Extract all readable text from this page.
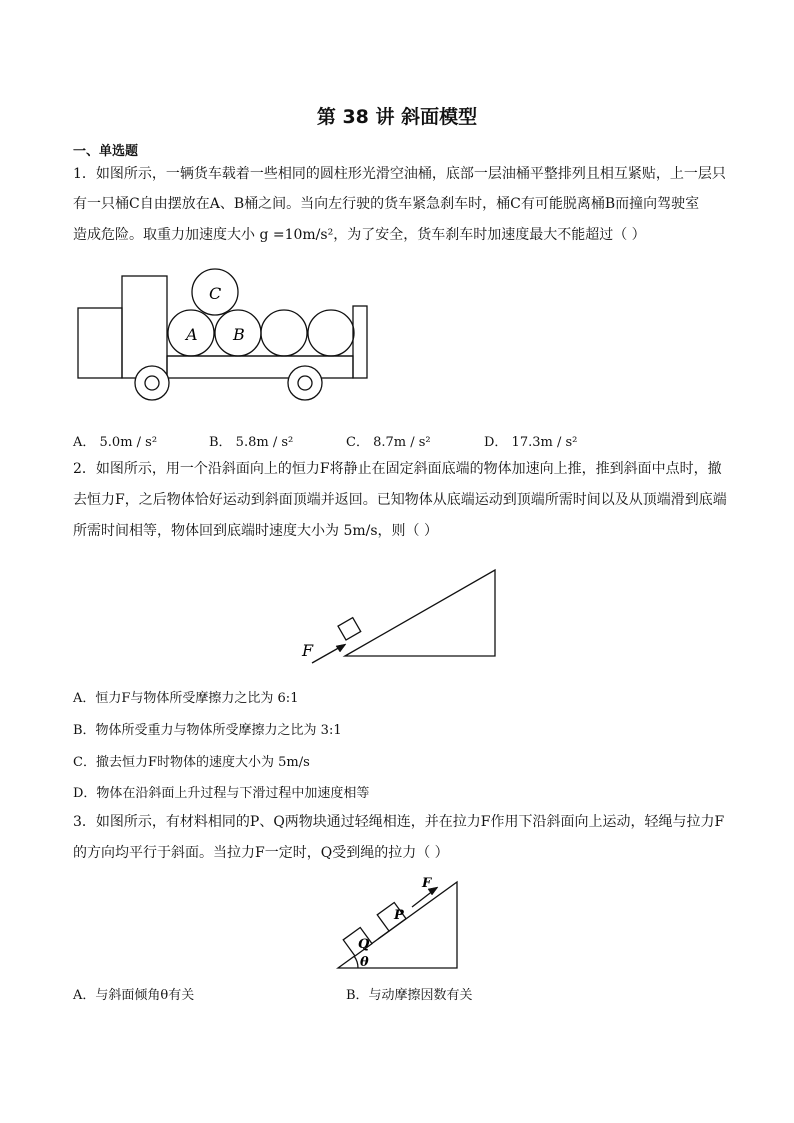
第 38 讲 斜面模型
一、单选题
1．如图所示，一辆货车载着一些相同的圆柱形光滑空油桶，底部一层油桶平整排列且相互紧贴，上一层只
有一只桶C自由摆放在A、B桶之间。当向左行驶的货车紧急刹车时，桶C有可能脱离桶B而撞向驾驶室
造成危险。取重力加速度大小 g =10m/s²，为了安全，货车刹车时加速度最大不能超过（ ）
A B
C
A． 5.0m / s²	B． 5.8m / s²	C． 8.7m / s²	D． 17.3m / s²
2．如图所示，用一个沿斜面向上的恒力F将静止在固定斜面底端的物体加速向上推，推到斜面中点时，撤
去恒力F，之后物体恰好运动到斜面顶端并返回。已知物体从底端运动到顶端所需时间以及从顶端滑到底端
所需时间相等，物体回到底端时速度大小为 5m/s，则（ ）
F
A．恒力F与物体所受摩擦力之比为 6:1
B．物体所受重力与物体所受摩擦力之比为 3:1
C．撤去恒力F时物体的速度大小为 5m/s
D．物体在沿斜面上升过程与下滑过程中加速度相等
3．如图所示，有材料相同的P、Q两物块通过轻绳相连，并在拉力F作用下沿斜面向上运动，轻绳与拉力F
的方向均平行于斜面。当拉力F一定时，Q受到绳的拉力（ ）
Q
P
F
θ
A．与斜面倾角θ有关	B．与动摩擦因数有关
